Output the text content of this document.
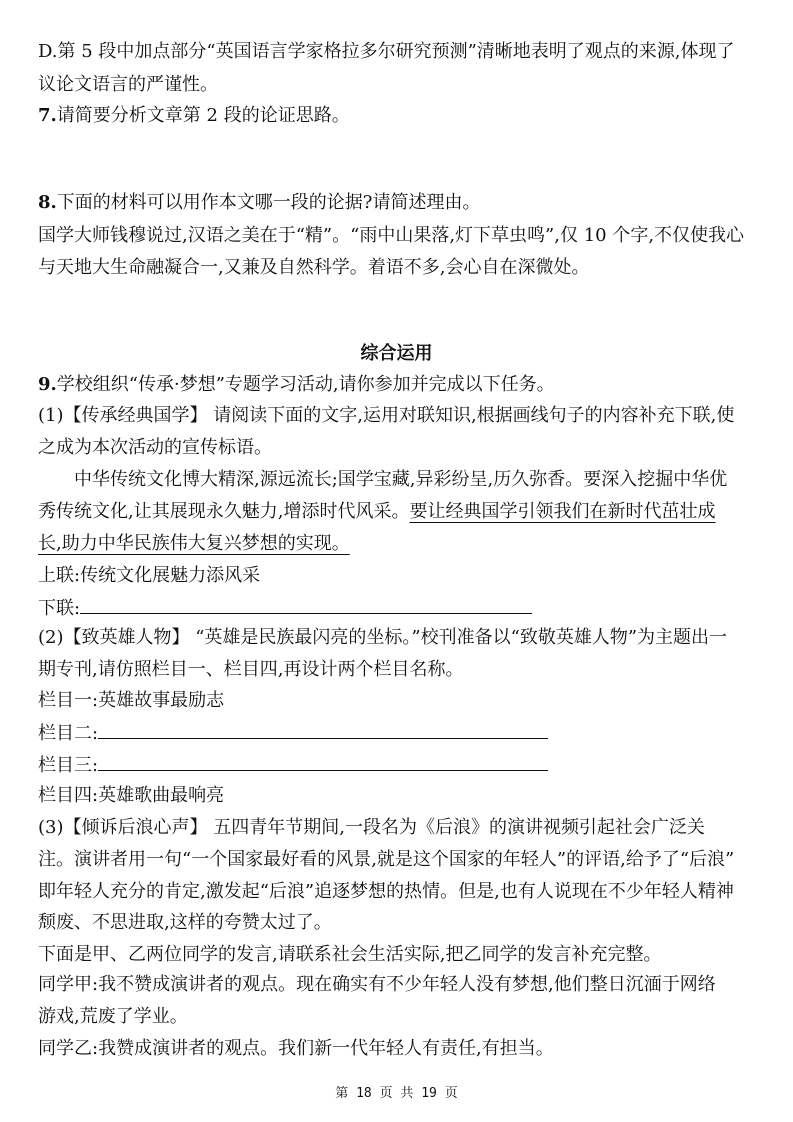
D.第 5 段中加点部分“英国语言学家格拉多尔研究预测”清晰地表明了观点的来源,体现了
议论文语言的严谨性。
7.请简要分析文章第 2 段的论证思路。
8.下面的材料可以用作本文哪一段的论据?请简述理由。
国学大师钱穆说过,汉语之美在于“精”。“雨中山果落,灯下草虫鸣”,仅 10 个字,不仅使我心
与天地大生命融凝合一,又兼及自然科学。着语不多,会心自在深微处。
综合运用
9.学校组织“传承·梦想”专题学习活动,请你参加并完成以下任务。
(1)【传承经典国学】 请阅读下面的文字,运用对联知识,根据画线句子的内容补充下联,使
之成为本次活动的宣传标语。
中华传统文化博大精深,源远流长;国学宝藏,异彩纷呈,历久弥香。要深入挖掘中华优
秀传统文化,让其展现永久魅力,增添时代风采。要让经典国学引领我们在新时代茁壮成
长,助力中华民族伟大复兴梦想的实现。
上联:传统文化展魅力添风采
下联:
(2)【致英雄人物】 “英雄是民族最闪亮的坐标。”校刊准备以“致敬英雄人物”为主题出一
期专刊,请仿照栏目一、栏目四,再设计两个栏目名称。
栏目一:英雄故事最励志
栏目二:
栏目三:
栏目四:英雄歌曲最响亮
(3)【倾诉后浪心声】 五四青年节期间,一段名为《后浪》的演讲视频引起社会广泛关
注。演讲者用一句“一个国家最好看的风景,就是这个国家的年轻人”的评语,给予了“后浪”
即年轻人充分的肯定,激发起“后浪”追逐梦想的热情。但是,也有人说现在不少年轻人精神
颓废、不思进取,这样的夸赞太过了。
下面是甲、乙两位同学的发言,请联系社会生活实际,把乙同学的发言补充完整。
同学甲:我不赞成演讲者的观点。现在确实有不少年轻人没有梦想,他们整日沉湎于网络
游戏,荒废了学业。
同学乙:我赞成演讲者的观点。我们新一代年轻人有责任,有担当。
第 18 页 共 19 页
